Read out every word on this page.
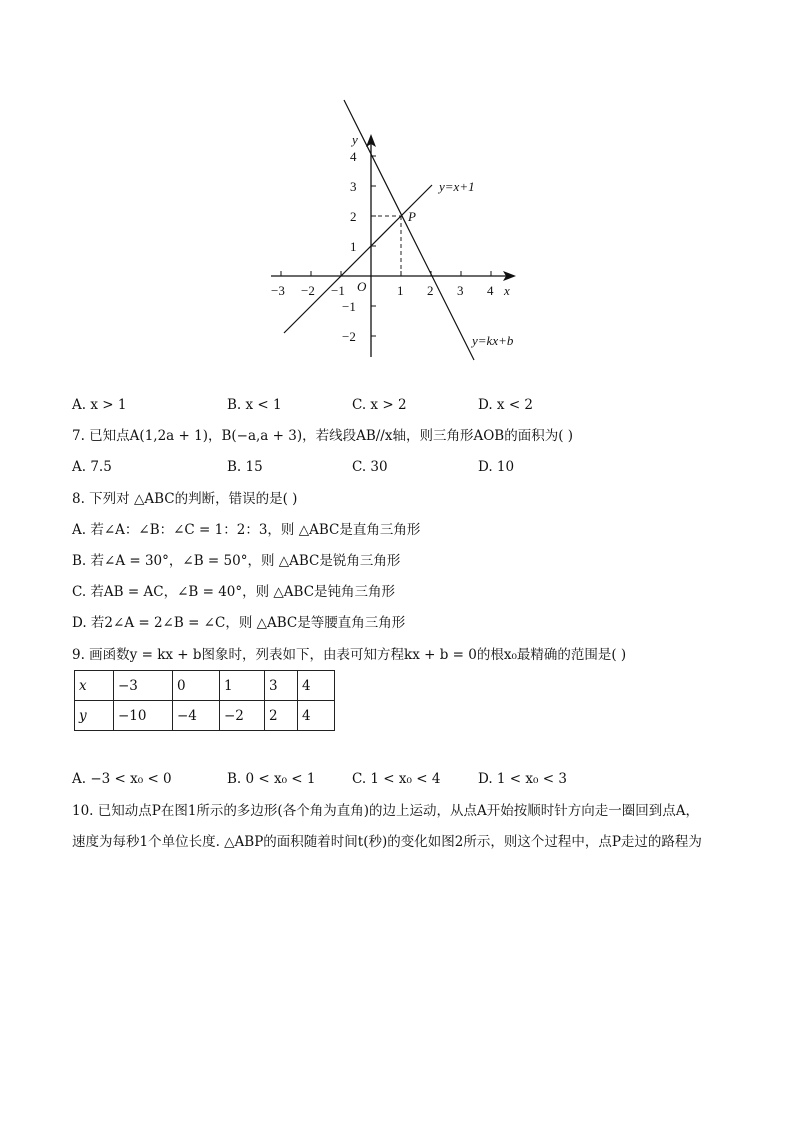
−3 −2 −1	1 2 3 4
4
3
2
1
−1
−2
y
x
O
P
y=x+1
y=kx+b
A. x > 1	B. x < 1	C. x > 2	D. x < 2
7. 已知点A(1,2a + 1)，B(−a,a + 3)，若线段AB//x轴，则三角形AOB的面积为( )
A. 7.5	B. 15	C. 30	D. 10
8. 下列对 △ABC的判断，错误的是( )
A. 若∠A：∠B：∠C = 1：2：3，则 △ABC是直角三角形
B. 若∠A = 30°，∠B = 50°，则 △ABC是锐角三角形
C. 若AB = AC，∠B = 40°，则 △ABC是钝角三角形
D. 若2∠A = 2∠B = ∠C，则 △ABC是等腰直角三角形
9. 画函数y = kx + b图象时，列表如下，由表可知方程kx + b = 0的根x₀最精确的范围是( )
x	−3	0	1	3	4
y	−10	−4	−2	2	4
A. −3 < x₀ < 0	B. 0 < x₀ < 1	C. 1 < x₀ < 4	D. 1 < x₀ < 3
10. 已知动点P在图1所示的多边形(各个角为直角)的边上运动，从点A开始按顺时针方向走一圈回到点A，
速度为每秒1个单位长度. △ABP的面积随着时间t(秒)的变化如图2所示，则这个过程中，点P走过的路程为
